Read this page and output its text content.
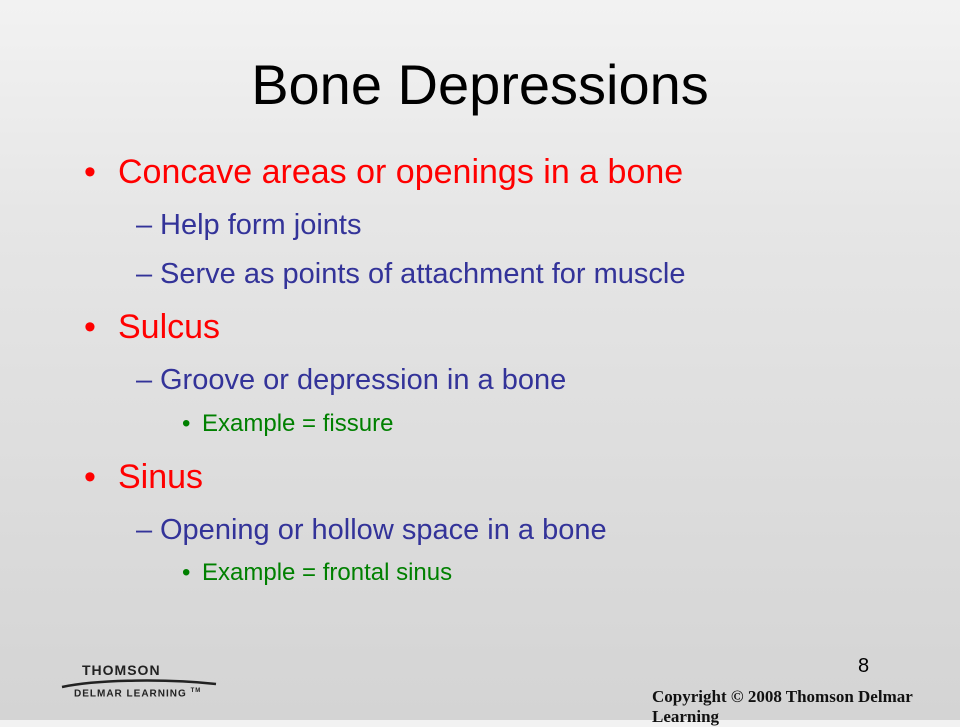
Bone Depressions
• Concave areas or openings in a bone
– Help form joints
– Serve as points of attachment for muscle
• Sulcus
– Groove or depression in a bone
• Example = fissure
• Sinus
– Opening or hollow space in a bone
• Example = frontal sinus
8
THOMSON
DELMAR LEARNING ™	Copyright © 2008 Thomson Delmar Learning
